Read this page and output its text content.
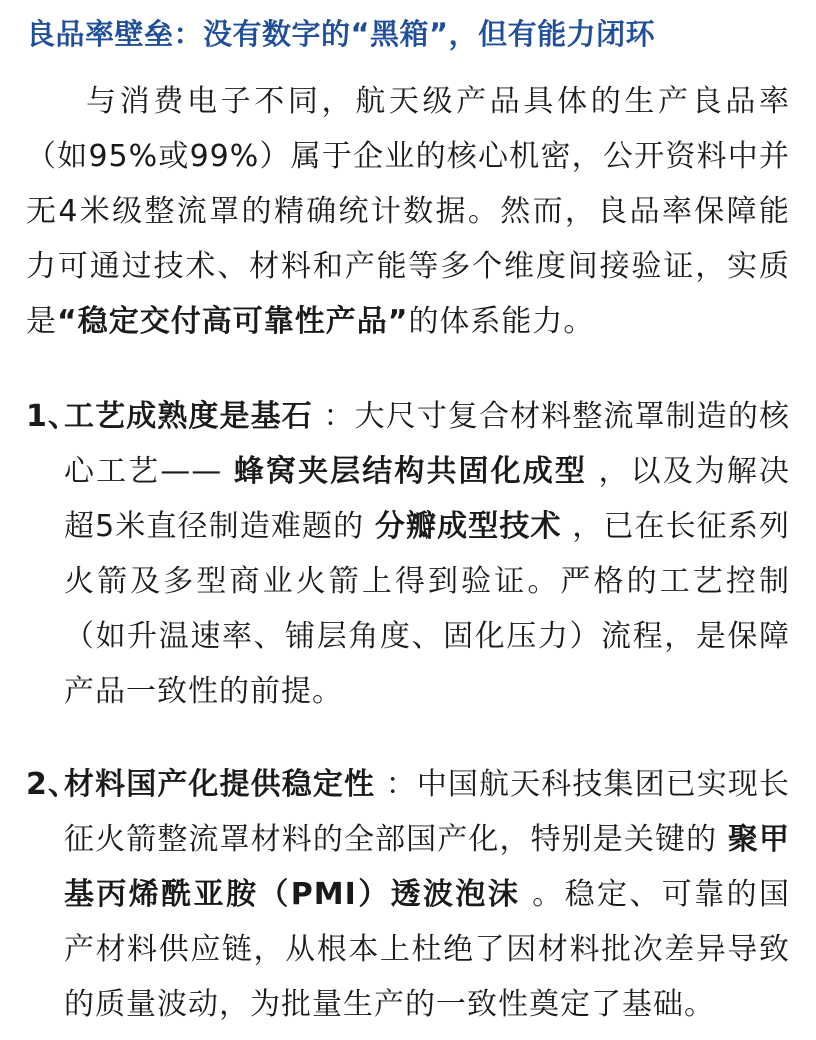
良品率壁垒：没有数字的“黑箱”，但有能力闭环

与消费电子不同，航天级产品具体的生产良品率（如95%或99%）属于企业的核心机密，公开资料中并无4米级整流罩的精确统计数据。然而，良品率保障能力可通过技术、材料和产能等多个维度间接验证，实质是“稳定交付高可靠性产品”的体系能力。

1、
工艺成熟度是基石 ：大尺寸复合材料整流罩制造的核心工艺—— 蜂窝夹层结构共固化成型 ，以及为解决超5米直径制造难题的 分瓣成型技术 ，已在长征系列火箭及多型商业火箭上得到验证。严格的工艺控制（如升温速率、铺层角度、固化压力）流程，是保障产品一致性的前提。

2、
材料国产化提供稳定性 ：中国航天科技集团已实现长征火箭整流罩材料的全部国产化，特别是关键的 聚甲基丙烯酰亚胺（PMI）透波泡沫 。稳定、可靠的国产材料供应链，从根本上杜绝了因材料批次差异导致的质量波动，为批量生产的一致性奠定了基础。
